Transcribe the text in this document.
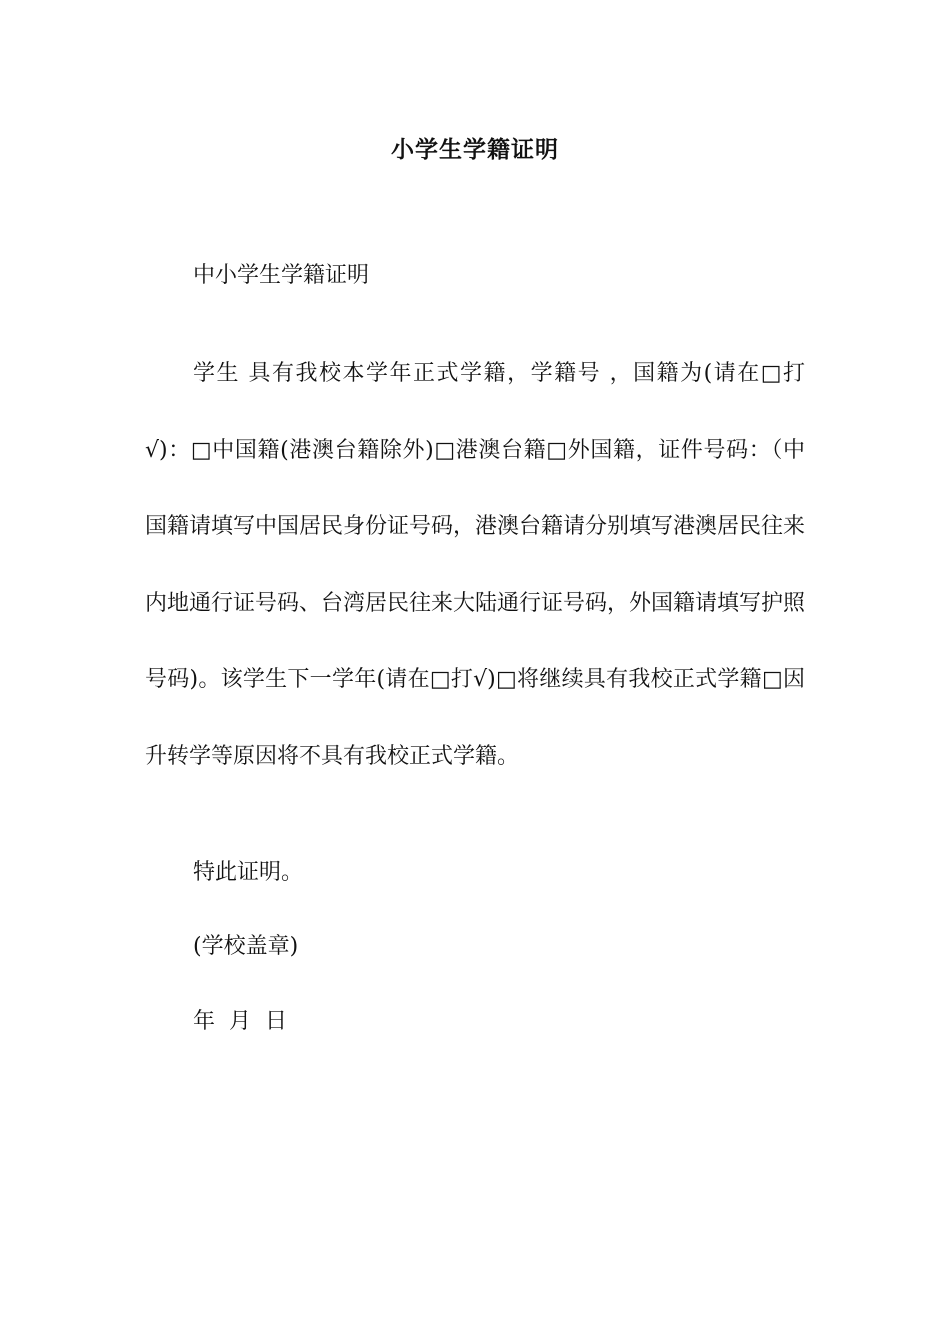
小学生学籍证明

中小学生学籍证明

学生 具有我校本学年正式学籍，学籍号 ，国籍为(请在□打√)：□中国籍(港澳台籍除外)□港澳台籍□外国籍，证件号码：（中国籍请填写中国居民身份证号码，港澳台籍请分别填写港澳居民往来内地通行证号码、台湾居民往来大陆通行证号码，外国籍请填写护照号码)。该学生下一学年(请在□打√)□将继续具有我校正式学籍□因升转学等原因将不具有我校正式学籍。

特此证明。

(学校盖章)

年  月  日
